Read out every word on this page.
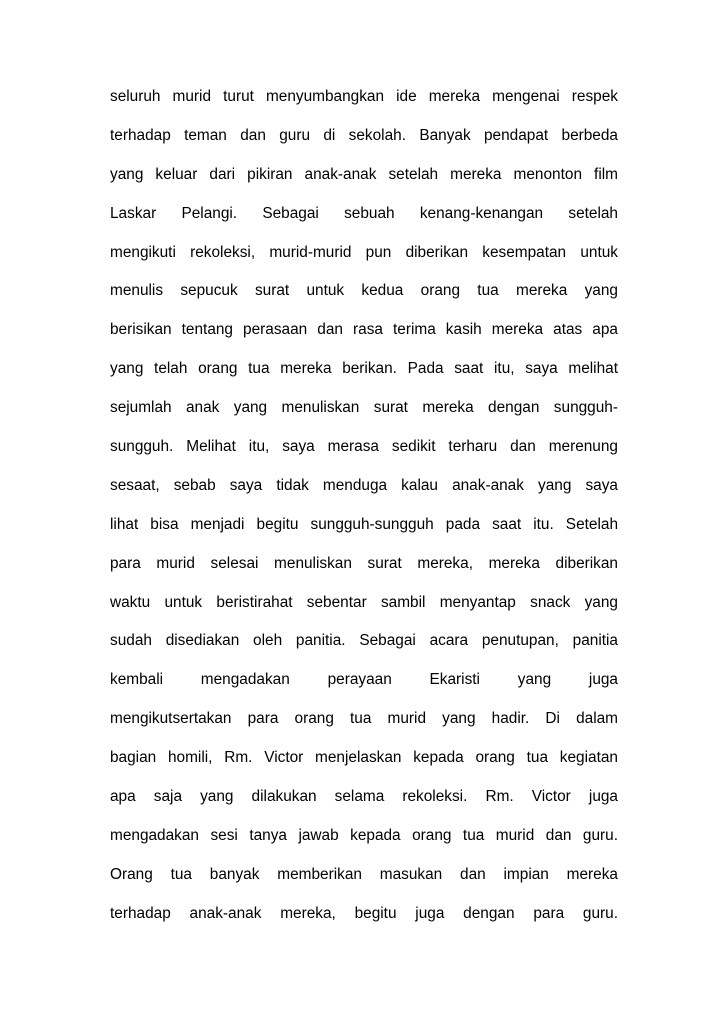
seluruh murid turut menyumbangkan ide mereka mengenai respek
terhadap teman dan guru di sekolah. Banyak pendapat berbeda
yang keluar dari pikiran anak-anak setelah mereka menonton film
Laskar Pelangi. Sebagai sebuah kenang-kenangan setelah
mengikuti rekoleksi, murid-murid pun diberikan kesempatan untuk
menulis sepucuk surat untuk kedua orang tua mereka yang
berisikan tentang perasaan dan rasa terima kasih mereka atas apa
yang telah orang tua mereka berikan. Pada saat itu, saya melihat
sejumlah anak yang menuliskan surat mereka dengan sungguh-
sungguh. Melihat itu, saya merasa sedikit terharu dan merenung
sesaat, sebab saya tidak menduga kalau anak-anak yang saya
lihat bisa menjadi begitu sungguh-sungguh pada saat itu. Setelah
para murid selesai menuliskan surat mereka, mereka diberikan
waktu untuk beristirahat sebentar sambil menyantap snack yang
sudah disediakan oleh panitia. Sebagai acara penutupan, panitia
kembali mengadakan perayaan Ekaristi yang juga
mengikutsertakan para orang tua murid yang hadir. Di dalam
bagian homili, Rm. Victor menjelaskan kepada orang tua kegiatan
apa saja yang dilakukan selama rekoleksi. Rm. Victor juga
mengadakan sesi tanya jawab kepada orang tua murid dan guru.
Orang tua banyak memberikan masukan dan impian mereka
terhadap anak-anak mereka, begitu juga dengan para guru.
